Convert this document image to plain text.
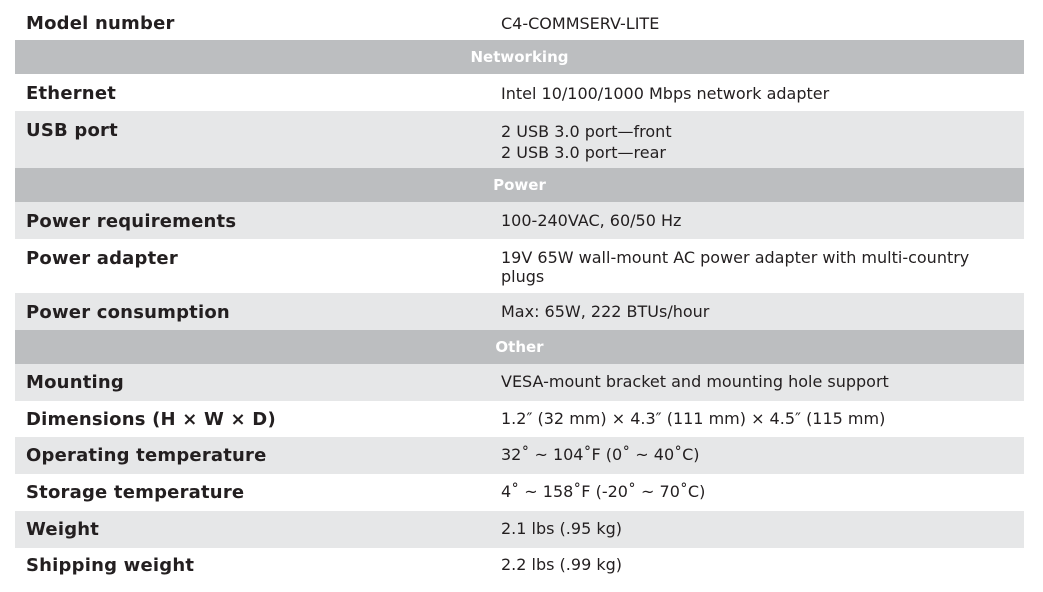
Model number	C4-COMMSERV-LITE
Networking
Ethernet	Intel 10/100/1000 Mbps network adapter
USB port	2 USB 3.0 port—front
2 USB 3.0 port—rear
Power
Power requirements	100-240VAC, 60/50 Hz
Power adapter	19V 65W wall-mount AC power adapter with multi-country plugs
Power consumption	Max: 65W, 222 BTUs/hour
Other
Mounting	VESA-mount bracket and mounting hole support
Dimensions (H × W × D)	1.2″ (32 mm) × 4.3″ (111 mm) × 4.5″ (115 mm)
Operating temperature	32˚ ~ 104˚F (0˚ ~ 40˚C)
Storage temperature	4˚ ~ 158˚F (-20˚ ~ 70˚C)
Weight	2.1 lbs (.95 kg)
Shipping weight	2.2 lbs (.99 kg)
